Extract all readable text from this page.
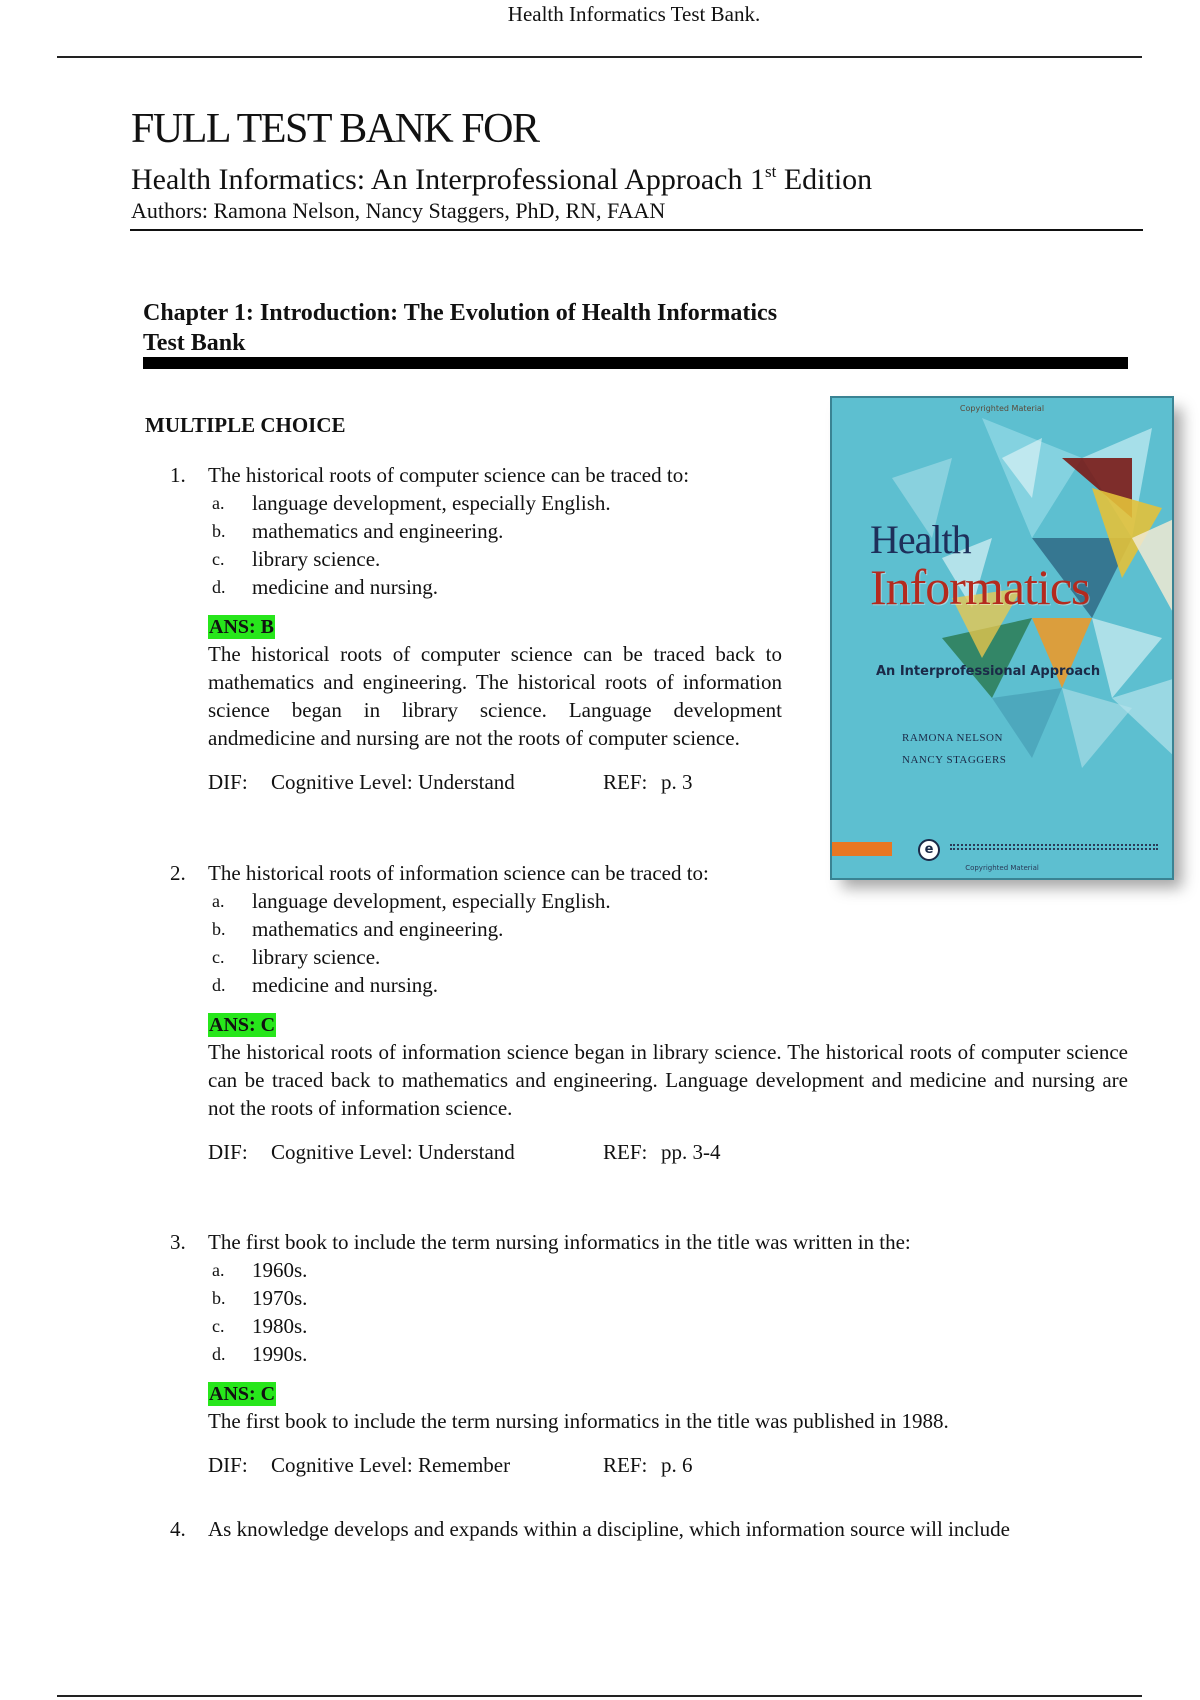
Health Informatics Test Bank.
FULL TEST BANK FOR
Health Informatics: An Interprofessional Approach 1st Edition
Authors: Ramona Nelson, Nancy Staggers, PhD, RN, FAAN
Chapter 1: Introduction: The Evolution of Health Informatics
Test Bank
MULTIPLE CHOICE
1.	The historical roots of computer science can be traced to:
a.	language development, especially English.
b.	mathematics and engineering.
c.	library science.
d.	medicine and nursing.
ANS: B
The historical roots of computer science can be traced back to mathematics and engineering. The historical roots of information science began in library science. Language development andmedicine and nursing are not the roots of computer science.
DIF:	Cognitive Level: Understand	REF: p. 3
2.	The historical roots of information science can be traced to:
a.	language development, especially English.
b.	mathematics and engineering.
c.	library science.
d.	medicine and nursing.
ANS: C
The historical roots of information science began in library science. The historical roots of computer science can be traced back to mathematics and engineering. Language development and medicine and nursing are not the roots of information science.
DIF:	Cognitive Level: Understand	REF: pp. 3-4
3.	The first book to include the term nursing informatics in the title was written in the:
a.	1960s.
b.	1970s.
c.	1980s.
d.	1990s.
ANS: C
The first book to include the term nursing informatics in the title was published in 1988.
DIF:	Cognitive Level: Remember	REF: p. 6
4.	As knowledge develops and expands within a discipline, which information source will include
Copyrighted Material
Health
Informatics
An Interprofessional Approach
RAMONA NELSON
NANCY STAGGERS
e
Copyrighted Material
